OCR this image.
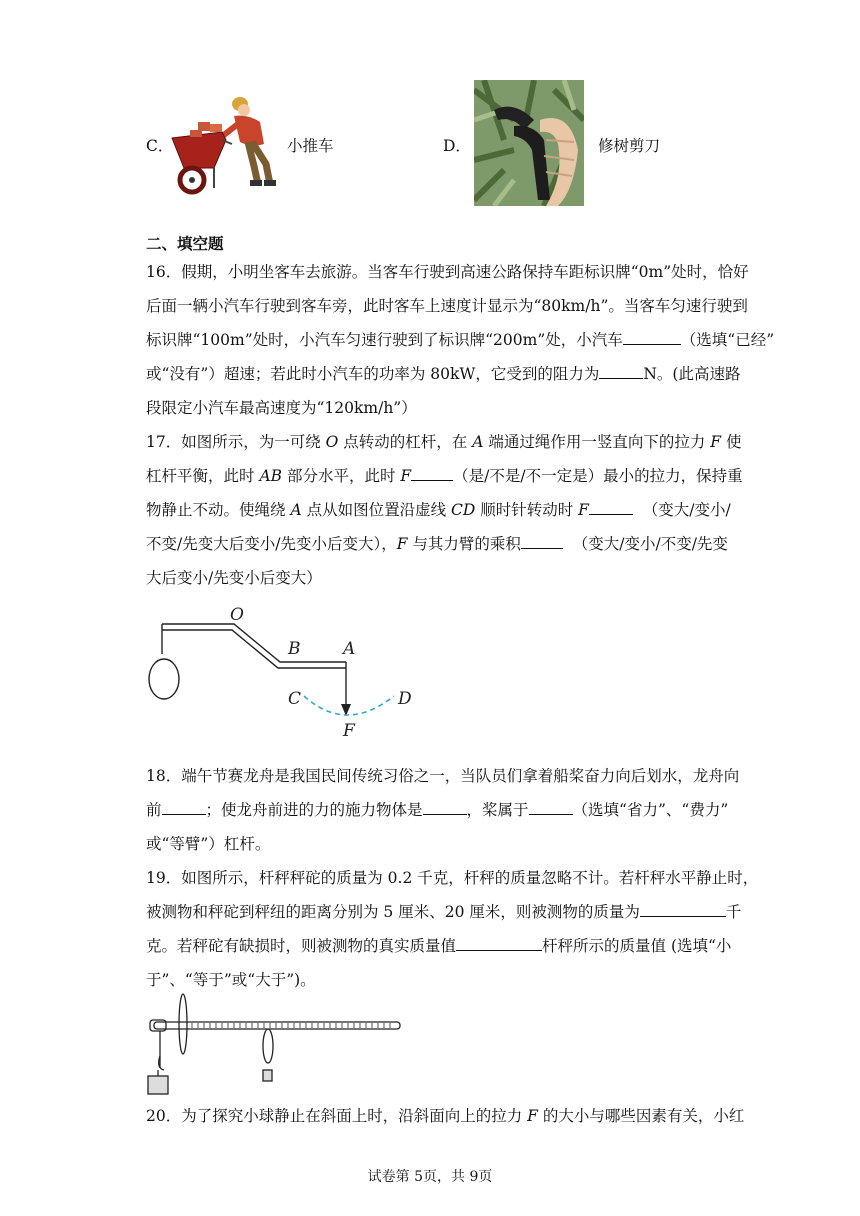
C．	小推车	D．	修树剪刀
二、填空题
16．假期，小明坐客车去旅游。当客车行驶到高速公路保持车距标识牌“0m”处时，恰好
后面一辆小汽车行驶到客车旁，此时客车上速度计显示为“80km/h”。当客车匀速行驶到
标识牌“100m”处时，小汽车匀速行驶到了标识牌“200m”处，小汽车	（选填“已经”
或“没有”）超速；若此时小汽车的功率为 80kW，它受到的阻力为	N。(此高速路
段限定小汽车最高速度为“120km/h”）
17．如图所示，为一可绕 O 点转动的杠杆，在 A 端通过绳作用一竖直向下的拉力 F 使
杠杆平衡，此时 AB 部分水平，此时 F	（是/不是/不一定是）最小的拉力，保持重
物静止不动。使绳绕 A 点从如图位置沿虚线 CD 顺时针转动时 F	（变大/变小/
不变/先变大后变小/先变小后变大），F 与其力臂的乘积	（变大/变小/不变/先变
大后变小/先变小后变大）
O
B	A
C	D
F
18．端午节赛龙舟是我国民间传统习俗之一，当队员们拿着船桨奋力向后划水，龙舟向
前	；使龙舟前进的力的施力物体是	，桨属于	（选填“省力”、“费力”
或“等臂”）杠杆。
19．如图所示，杆秤秤砣的质量为 0.2 千克，杆秤的质量忽略不计。若杆秤水平静止时，
被测物和秤砣到秤纽的距离分别为 5 厘米、20 厘米，则被测物的质量为	千
克。若秤砣有缺损时，则被测物的真实质量值	杆秤所示的质量值 (选填“小
于”、“等于”或“大于”)。
20．为了探究小球静止在斜面上时，沿斜面向上的拉力 F 的大小与哪些因素有关，小红
试卷第 5页，共 9页
